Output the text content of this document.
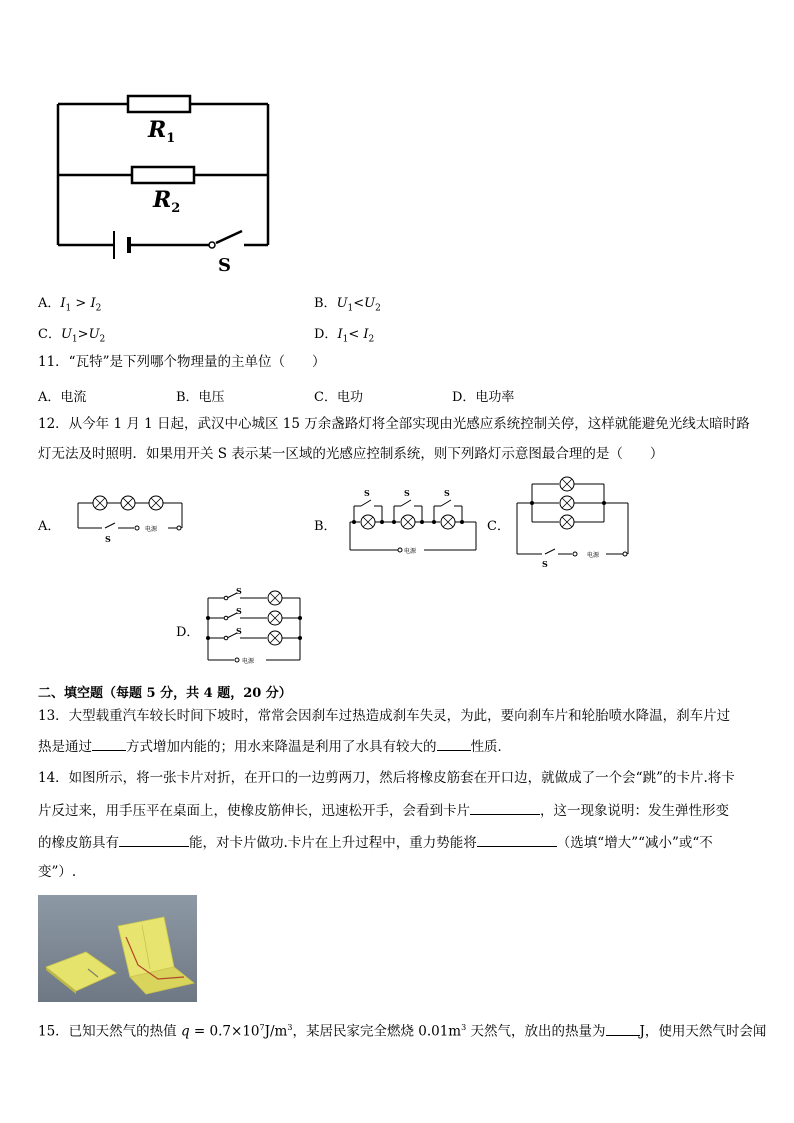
$R_1$
$R_2$
S
A．$I_1 > I_2$	B．$U_1<U_2$
C．$U_1>U_2$	D．$I_1< I_2$
11．“瓦特”是下列哪个物理量的主单位（　　）
A．电流	B．电压	C．电功	D．电功率
12．从今年 1 月 1 日起，武汉中心城区 15 万余盏路灯将全部实现由光感应系统控制关停，这样就能避免光线太暗时路
灯无法及时照明．如果用开关 S 表示某一区域的光感应控制系统，则下列路灯示意图最合理的是（　　）
A．	电源
S
B．
S	S	S
电源
C．
电源
S
D．
S
S
S
电源
二、填空题（每题 5 分，共 4 题，20 分）
13．大型载重汽车较长时间下坡时，常常会因刹车过热造成刹车失灵，为此，要向刹车片和轮胎喷水降温，刹车片过
热是通过	方式增加内能的；用水来降温是利用了水具有较大的	性质．
14．如图所示，将一张卡片对折，在开口的一边剪两刀，然后将橡皮筋套在开口边，就做成了一个会“跳”的卡片.将卡
片反过来，用手压平在桌面上，使橡皮筋伸长，迅速松开手，会看到卡片	，这一现象说明：发生弹性形变
的橡皮筋具有	能，对卡片做功.卡片在上升过程中，重力势能将	（选填“增大”“减小”或“不
变”）.
15．已知天然气的热值 $q = 0.7\times 10^7J/m^3$，某居民家完全燃烧 $0.01m^3$ 天然气，放出的热量为	J，使用天然气时会闻
